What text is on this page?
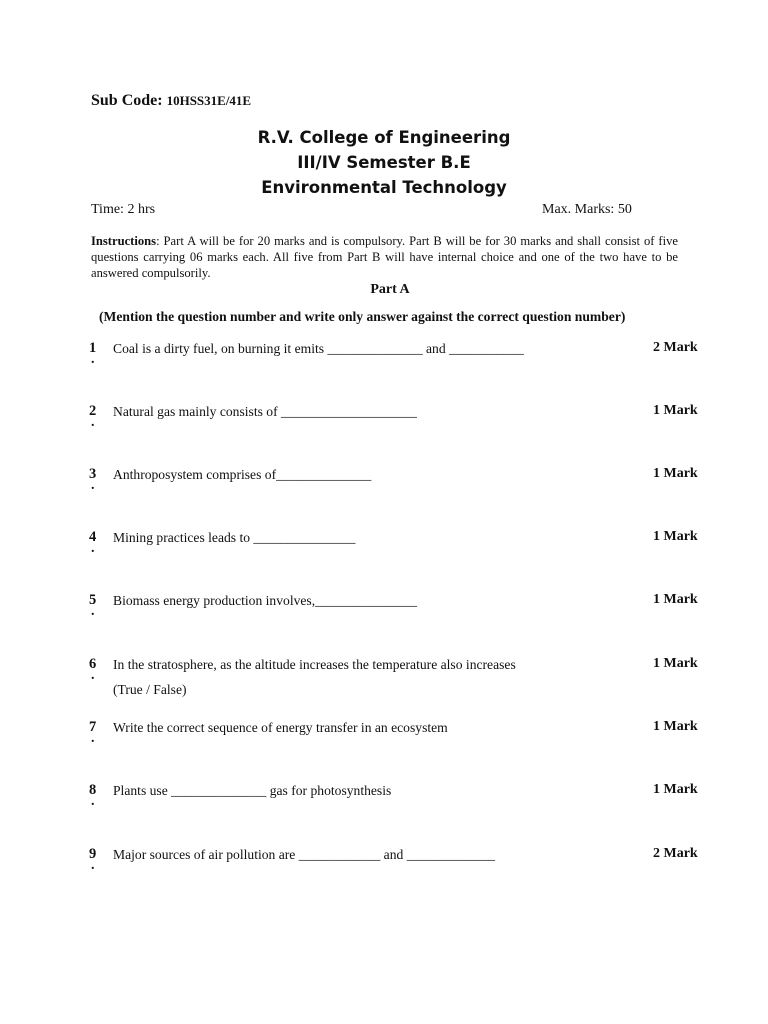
Sub Code: 10HSS31E/41E
R.V. College of Engineering
III/IV Semester B.E
Environmental Technology
Time: 2 hrs	Max. Marks: 50
Instructions: Part A will be for 20 marks and is compulsory. Part B will be for 30 marks and shall consist of five questions carrying 06 marks each. All five from Part B will have internal choice and one of the two have to be answered compulsorily.
Part A
(Mention the question number and write only answer against the correct question number)
1
.
Coal is a dirty fuel, on burning it emits ______________ and ___________	2 Mark
2
.
Natural gas mainly consists of ____________________	1 Mark
3
.
Anthroposystem comprises of______________	1 Mark
4
.
Mining practices leads to _______________	1 Mark
5
.
Biomass energy production involves,_______________	1 Mark
6
.
In the stratosphere, as the altitude increases the temperature also increases
(True / False)
1 Mark
7
.
Write the correct sequence of energy transfer in an ecosystem	1 Mark
8
.
Plants use ______________ gas for photosynthesis	1 Mark
9
.
Major sources of air pollution are ____________ and _____________	2 Mark
